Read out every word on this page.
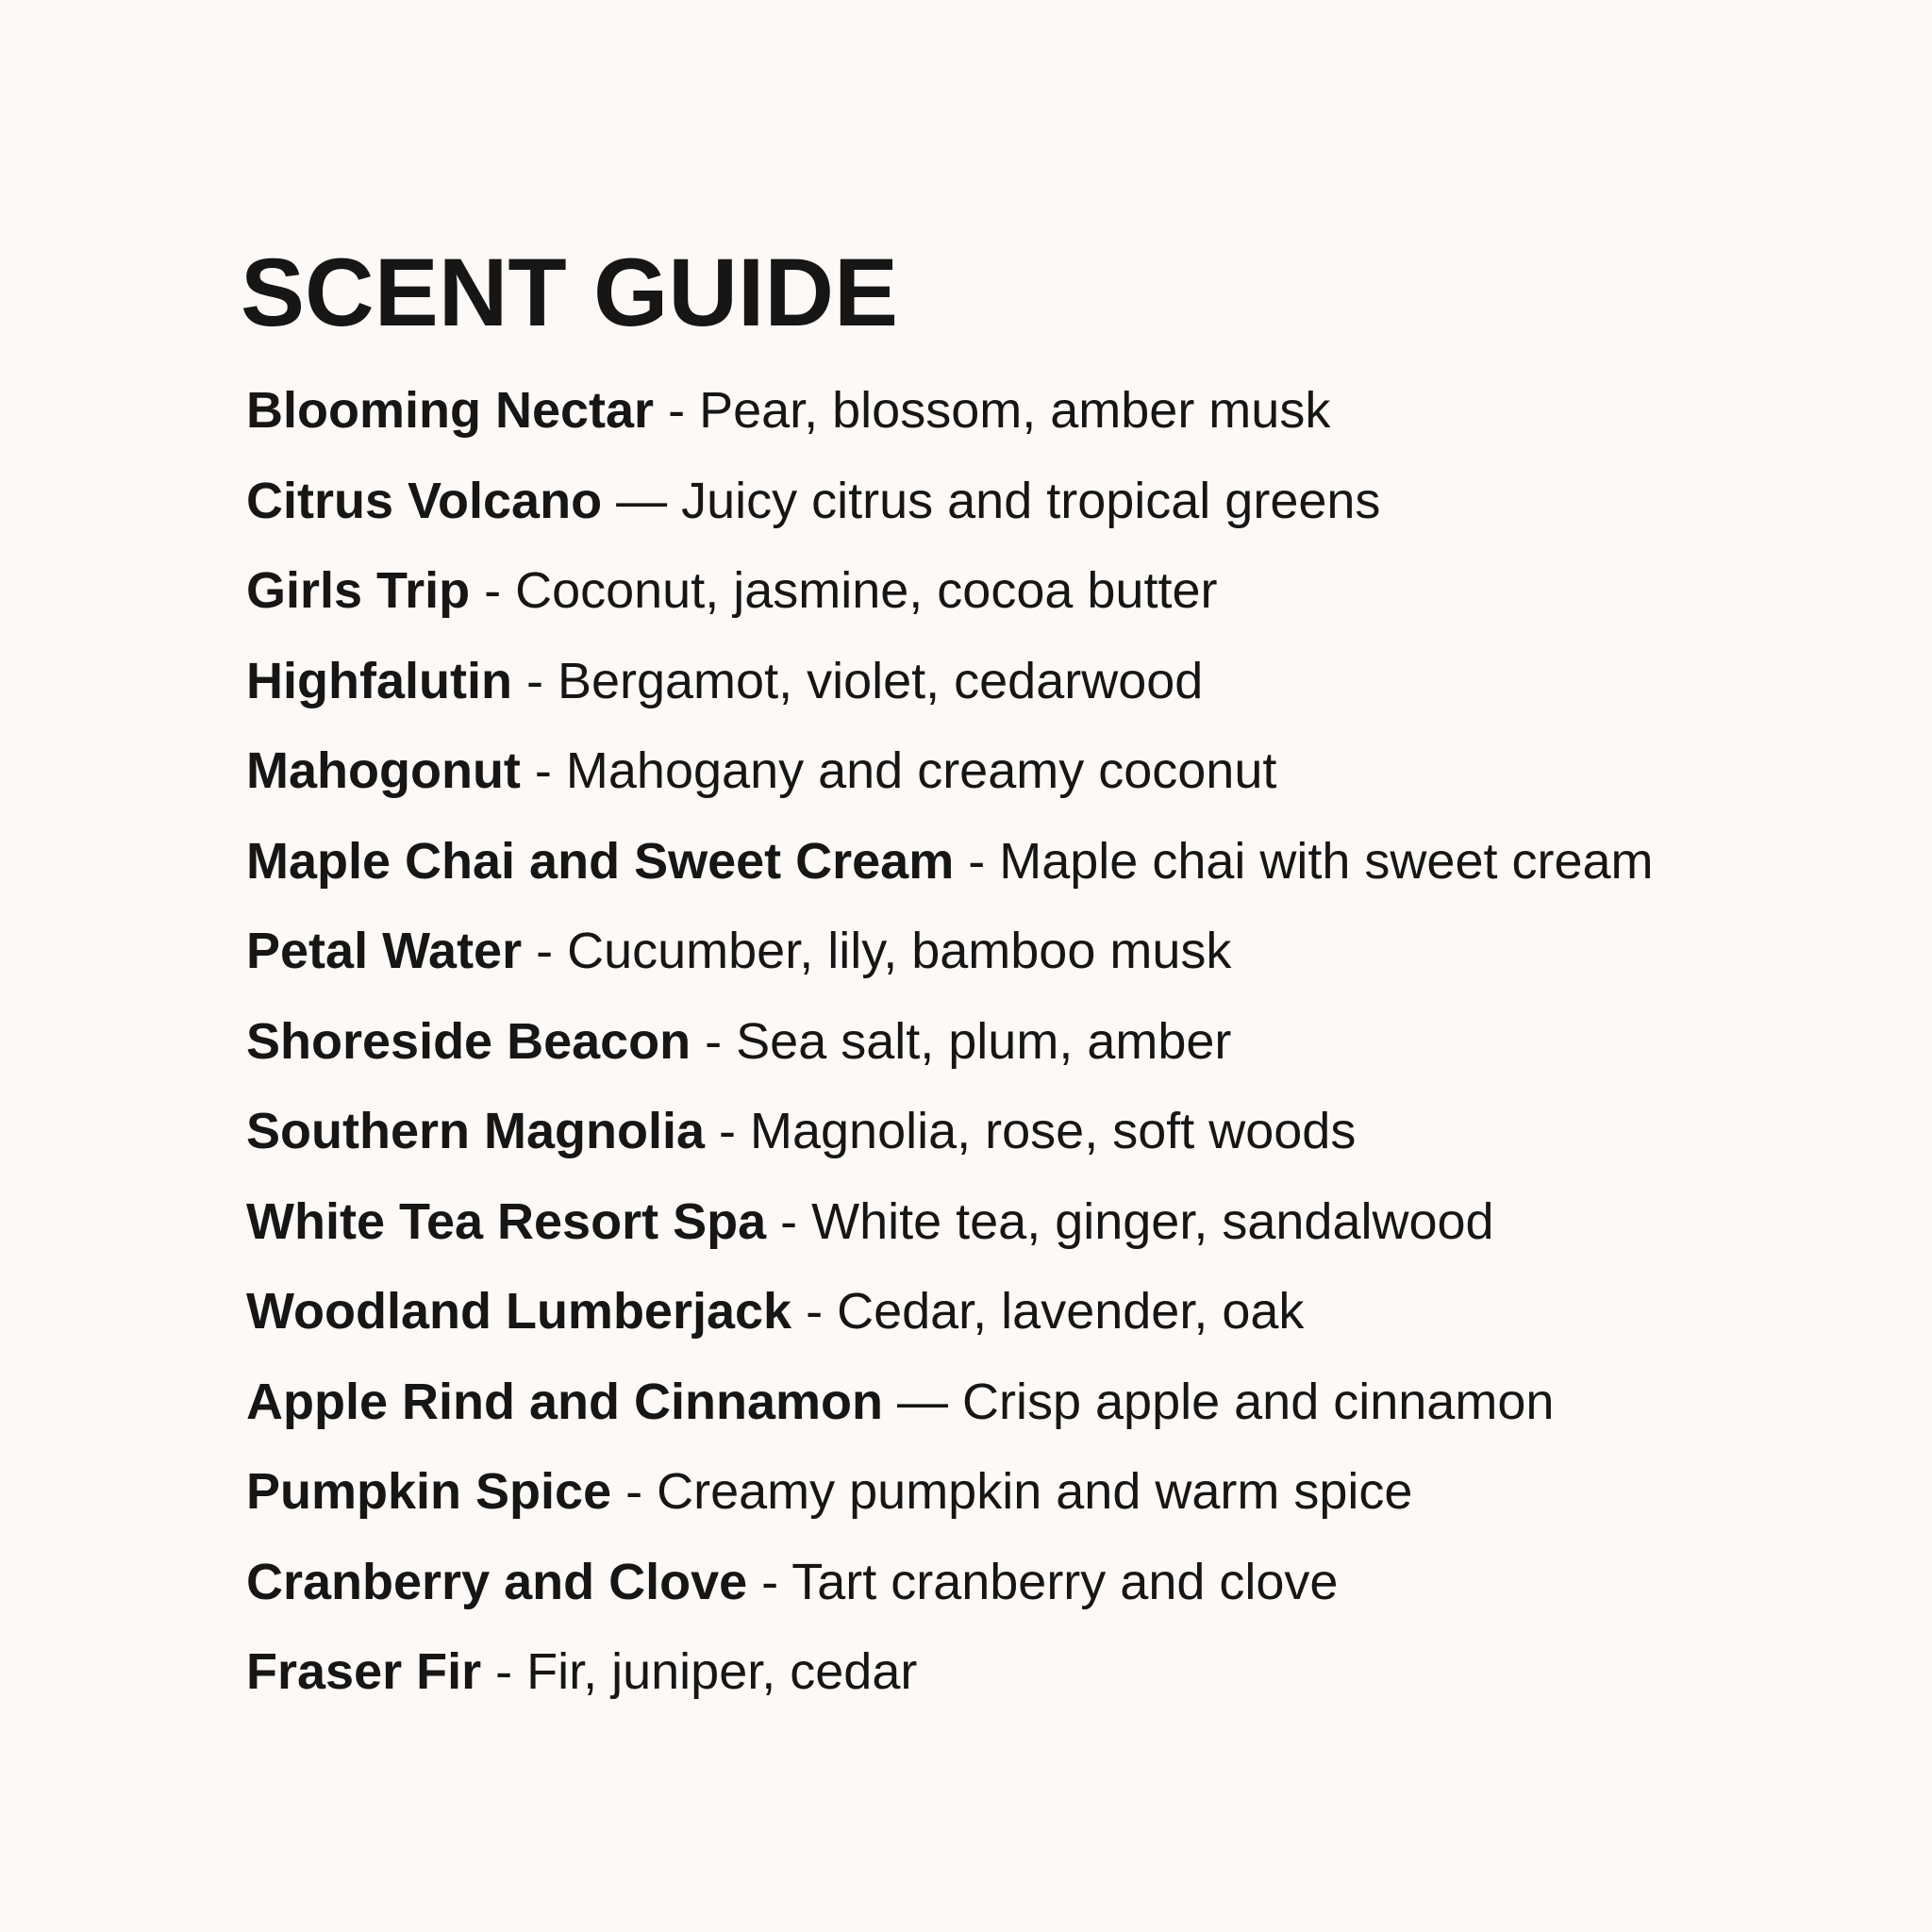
SCENT GUIDE
Blooming Nectar - Pear, blossom, amber musk
Citrus Volcano — Juicy citrus and tropical greens
Girls Trip - Coconut, jasmine, cocoa butter
Highfalutin - Bergamot, violet, cedarwood
Mahogonut - Mahogany and creamy coconut
Maple Chai and Sweet Cream - Maple chai with sweet cream
Petal Water - Cucumber, lily, bamboo musk
Shoreside Beacon - Sea salt, plum, amber
Southern Magnolia - Magnolia, rose, soft woods
White Tea Resort Spa - White tea, ginger, sandalwood
Woodland Lumberjack - Cedar, lavender, oak
Apple Rind and Cinnamon — Crisp apple and cinnamon
Pumpkin Spice - Creamy pumpkin and warm spice
Cranberry and Clove - Tart cranberry and clove
Fraser Fir - Fir, juniper, cedar
